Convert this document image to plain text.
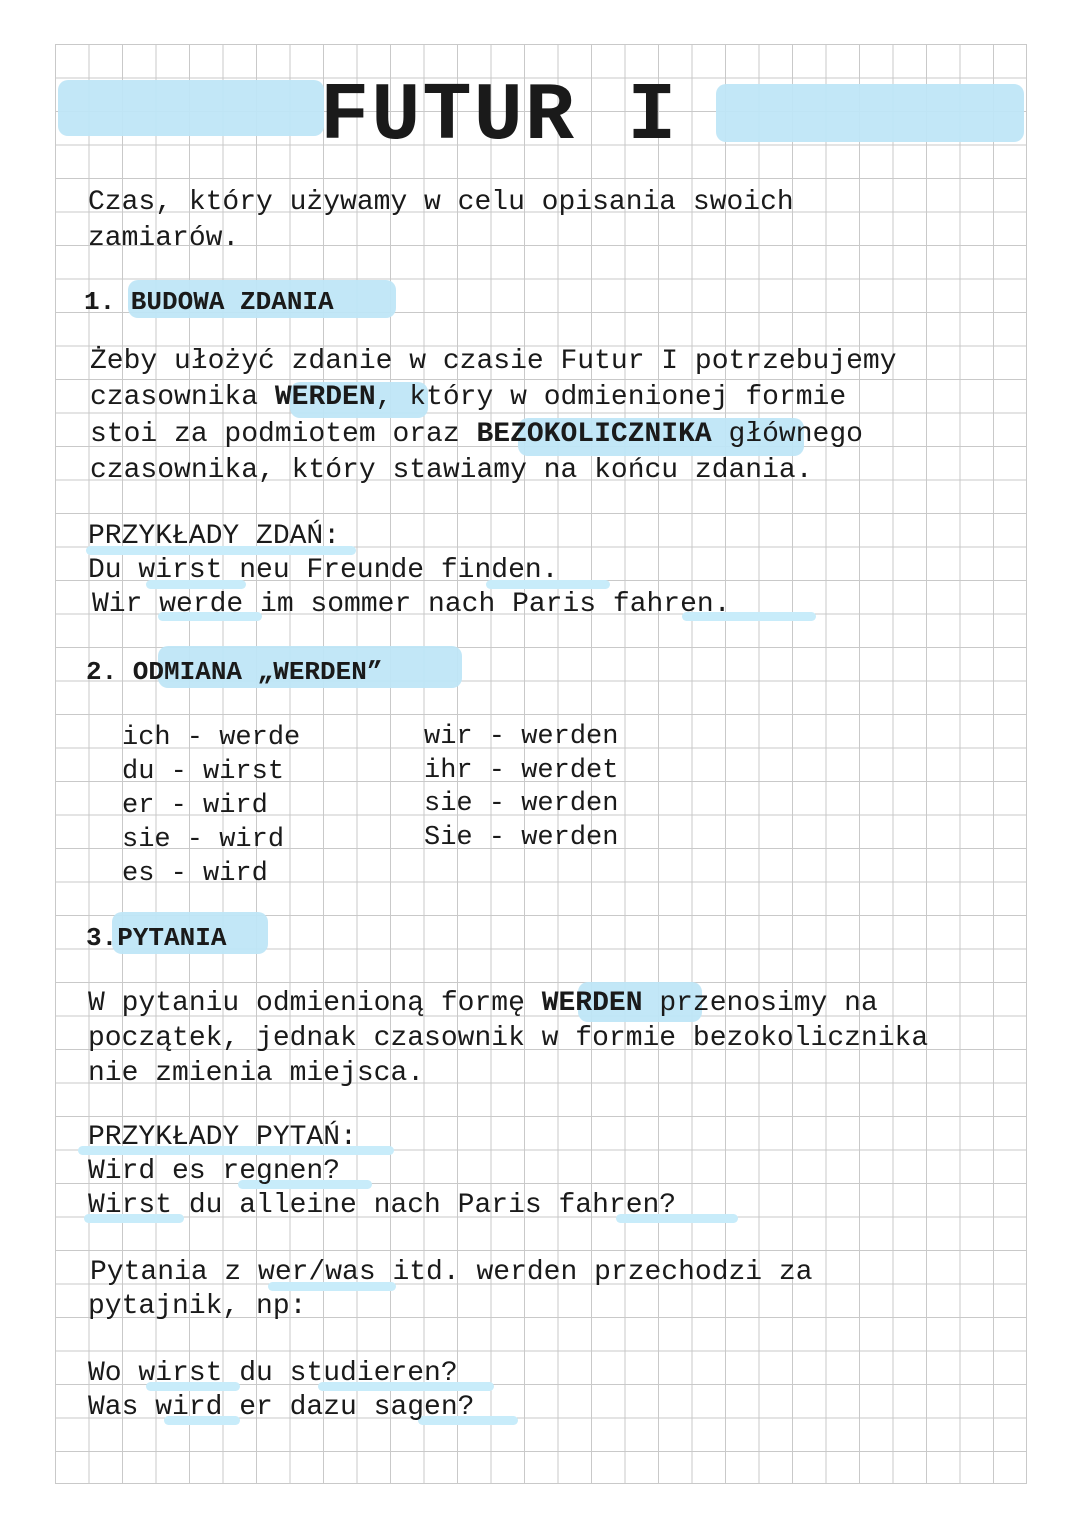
FUTUR I
Czas, który używamy w celu opisania swoich
zamiarów.
1. BUDOWA ZDANIA
Żeby ułożyć zdanie w czasie Futur I potrzebujemy
czasownika WERDEN, który w odmienionej formie
stoi za podmiotem oraz BEZOKOLICZNIKA głównego
czasownika, który stawiamy na końcu zdania.
PRZYKŁADY ZDAŃ:
Du wirst neu Freunde finden.
Wir werde im sommer nach Paris fahren.
2. ODMIANA „WERDEN”
ich - werde
du - wirst
er - wird
sie - wird
es - wird
wir - werden
ihr - werdet
sie - werden
Sie - werden
3.PYTANIA
W pytaniu odmienioną formę WERDEN przenosimy na
początek, jednak czasownik w formie bezokolicznika
nie zmienia miejsca.
PRZYKŁADY PYTAŃ:
Wird es regnen?
Wirst du alleine nach Paris fahren?
Pytania z wer/was itd. werden przechodzi za
pytajnik, np:
Wo wirst du studieren?
Was wird er dazu sagen?
